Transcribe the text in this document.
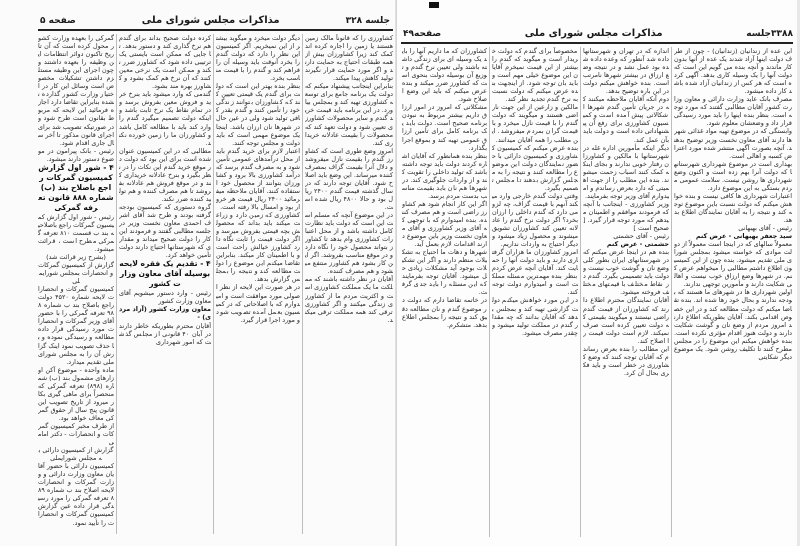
جلسه ۳۲۸
مذاکرات مجلس شورای ملی
صفحه ۵

گمرکی را بعهده وزارت کشور محول کرده است که آن تاریخ تاکنون دوائر انتظامات این وظیفه را بعهده داشتند و چون اجرای این وظیفه مستلزم داشتن تشکیلات مخصوص است وسائل این کار در اختیار وزارت کشور گذارده نشده بنابراین تقاضا دارد اجازه فرمائید این لایحه که مربوط بقانون است طرح شود و در صورتیکه تصویب شد برای اجرای قانون مذکور تا آخر سال جاری اقدام شود.

رئیس - بانک پیرامون در موضوع دستور دارند میشود.

۴ - شور اول گزارش کمیسیون گمرکات راجع باصلاح بند (ب) شماره ۸۸۸ قانون تعرفه گمرکی

رئیس - شور اول گزارش کمیسیون گمرکات راجع باصلاحیه بند ب قسمت ۸۱۰ تعرفه گمرکی مطرح است ، قرائت میشود.

(بشرح زیر قرائت شد)

گزارش از کمیسیون گمرکات و انحصارات بمجلس شورایملی

کمیسیون گمرکات و انحصارات لایحه شماره ۴۵۲۰ دولت راجع باصلاح بند ب شماره ۸۹۸ تعرفه گمرکی را با حضور آقای وزیر گمرکات و انحصارات مورد رسیدگی قرار داده مطالعه و رسیدگی نموده و با حذف تصویب نمود اینک گزارش آن را به مجلس شورای ملی تقدیم میدارد.

ماده واحده - موضوع آکن اوزارهای مشمول بند (ب) شماره (۸۹۸) تعرفه گمرکی که منحصراً برای ماهی گیری بکار میرود از تاریخ تصویب این قانون پنج سال از حقوق گمرکی معاف خواهد بود.

از طرف مخبر کمیسیون گمرکات و انحصارات - دکتر امامی

گزارش از کمیسیون دارائی به مجلس شورایملی

کمیسیون دارائی با حضور آقایان معاون وزارت دارائی و وزارت گمرکات و انحصارات لایحه اصلاح بند ب شماره ۸۹۸ تعرفه گمرکی را مورد رسیدگی قرار داده عین گزارش کمیسیون گمرکات و انحصارات را تأیید نمود.

کرده دولت صحیح بداند برای گندم هم نرخ گذاری کند و دستور بدهد. تا جایی که ممکن است بایستی یک ترتیبی داده شود که کشاورز ضرر نکند و ممکن است یک نرخی معین کنند که آن نرخ هم کمک بشود و کشاورز بهره مند بشود.

گندمی که وارد میشود باید بنرخ خرید و فروش معین بفروش برسد و در تمام نقاط یک نرخ ثابت باشد و اینکه دولت تصمیم میگیرد گندم را وارد کند باید با مطالعه کامل باشد و کشاورزان ما را زمین خورده نکند.

مطالبی که در این کمیسیون عنوان شده است برای این بود که دولت در موقع خرید گندم این نکات را در نظر بگیرد و بنرخ عادلانه خریداری کند و در موقع فروش هم عادلانه بفروشد تا هم مصرف کننده و هم تولید کننده ضرر نکند.

گروه دستوری که کمیسیون بودجه گرفته بودند و طرح شد آقای اشرف احمدی معاون نخست وزیر در جلسه مطالبی گفتند و فرمودند این کار را دولت صحیح میداند و مقداری که شهرستانها احتیاج دارند دولت تأمین خواهد کرد.

۴ - تقدیم یک فقره لایحه بوسیله آقای معاون وزارت کشور

رئیس - وارد دستور میشویم آقای معاون وزارت کشور

معاون وزارت کشور (آزاد مردی) -

آقایان محترم بطوریکه خاطر دارند در آبان ۴۰ قانونی از مجلس گذشت که امور شهرداری

دیگر دولت میخرد و میگوید بیشتر از این نمیخریم. اگر کمیسیون این نظر را دارد که دولت گندم را بخرد آنوقت باید وسیله آن را فراهم کند و گندم را با قیمت مناسب بخرد.

بنظر بنده بهتر این است که دولت برای گندم یک قیمتی تعیین کند که کشاورزان بتوانند زندگی خود را تأمین کنند و گندم بقدر کافی تولید شود ولی در عین حال در شهرها نان ارزان باشد. اینجا یک موضوع مهمی است که باید دولت و مجلس توجه کنند.

اعتبار لازم برای خرید گندم باید از محل درآمدهای عمومی تأمین شود و به مصرف گندم برسد که درآمد کشاورزی بالا برود و کشاورزان بتوانند از محصول خود استفاده کنند. آقایان ملاحظه میفرمائید ۲۴۰۰ ریال قیمت هر خروار بود و امسال بالا رفته است.

کشاورزی که زمین دارد و زراعت میکند باید بداند که محصولش بچه قیمتی بفروش میرسد و اگر دولت قیمت را ثابت نگاه دارد کشاورز خیالش راحت است و با اطمینان کار میکند. بنابراین تقاضا میکنم این موضوع را دولت مطالعه کند و نتیجه را بمجلس گزارش بدهد.

در هر صورت این لایحه از نظر اصولی مورد موافقت است و امیدوارم که با اصلاحاتی که در کمیسیون بعمل آمده تصویب شود و مورد اجرا قرار گیرد.

کشاورزی را که قانوناً مالک زمین هستند یا زمین را اجاره کرده اند کمک کند زیرا کشاورزان بیش از همه طبقات احتیاج به حمایت دارند و اگر مورد حمایت قرار نگیرند تولید کاهش پیدا میکند.

بنابراین اینجانب پیشنهاد میکنم که دولت یک برنامه جامع برای توسعه کشاورزی تهیه کند و بمجلس بیاورد. در این برنامه باید قیمت خرید گندم و سایر محصولات کشاورزی تعیین شود و دولت تعهد کند که محصولات را بقیمت عادلانه خریداری کند.

امروز وضع طوری است که کشاورز گندم را بقیمت نازل میفروشد و دلال آنرا بقیمت گزاف بمصرف کننده میرساند. این وضع باید اصلاح شود. آقایان توجه دارند که در سال گذشته قیمت گندم ۲۴۰۰ ریال بود و حالا ۴۸۰۰ ریال شده است.

در این موضوع آنچه که مسلم است این است که دولت باید نظارت کامل داشته باشد و از محل اعتبارات کشاورزی وام بدهد تا کشاورز بتواند محصول خود را نگاه دارد و در موقع مناسب بفروشد. اگر این کار بشود هم کشاورز منتفع میشود و هم مصرف کننده.

آقایان در نظر داشته باشند که مملکت ما یک مملکت کشاورزی است و اکثریت مردم ما از کشاورزی زندگی میکنند و اگر کشاورزی ترقی کند همه مملکت ترقی میکند.

۳۳۸۸جلسه
مذاکرات مجلس شورای ملی
صفحه۴۹

کشاورزان که ما داریم آنها را باید یک وسیله ای برای زندگی داشته باشند ولی تعیین نرخ گندم و توزیع آن بوسیله دولت بنحوی است که کشاورز ضرر میکند و بنده عرض میکنم که باید این وضع اصلاح شود.

مشکلاتی که امروز در امور ارزاق داریم بیشتر مربوط به نبودن برنامه صحیح است. دولت باید یک برنامه کامل برای تأمین ارزاق عمومی تهیه کند و بموقع اجرا بگذارد.

بنظر بنده همانطور که آقایان اشاره کردند دولت باید توجه داشته باشد که تولید داخلی را تقویت کند و از واردات جلوگیری کند. در شهرها هم نان باید بقیمت مناسب بدست مردم برسد.

اگر این کار انجام شود هم کشاورز راضی است و هم مصرف کننده. بنده امیدوارم که با توجهی که آقای وزیر کشاورزی و آقای معاون نخست وزیر باین موضوع دارند اقدامات لازم بعمل آید.

شهرها و دهات ما احتیاج به تشکیلات منظم دارند و اگر این تشکیلات بوجود آید مشکلات زیادی حل میشود. آقایان توجه بفرمایند که این مسئله را باید جدی گرفت.

در خاتمه تقاضا دارم که دولت در موضوع گندم و نان مطالعه دقیق کند و نتیجه را بمجلس اطلاع بدهد. متشکرم.

مخصوصاً برای گندم که دولت خریدار است و میگوید که گندم را بیشتر از این قیمت نمیخرم آقایان این موضوع خیلی مهم است و باید بان توجه شود. از اینجهت بنده عرض میکنم که دولت نسبت به نرخ گندم تجدید نظر کند.

مالکین و زارعین از این جهت ناراضی هستند و میگویند که دولت گندم را با قیمت نازل میخرد و با قیمت گران بمردم میفروشد. این مطلب را همه آقایان میدانند.

بنده عرض میکنم که کمیسیون کشاورزی و کمیسیون دارائی با حضور نمایندگان دولت این موضوع را مطالعه کنند و نتیجه را به مجلس گزارش بدهند تا مجلس تصمیم بگیرد.

وقتی دولت گندم خارجی وارد میکند آنهم با قیمت گزاف، چه لزومی دارد که گندم داخلی را ارزان بخرد؟ اگر دولت نرخ گندم را عادلانه تعیین کند کشاورزان تشویق میشوند و محصول زیاد میشود و دیگر احتیاج به واردات نداریم.

امروز کشاورزان ما هزاران گرفتاری دارند و باید دولت آنها را حمایت کند. آقایان آنچه عرض کردم بنظر بنده مهمترین مسئله مملکت است و امیدوارم دولت توجه کند.

در این مورد خواهش میکنم دولت گزارشی تهیه کند و بمجلس بدهد که آقایان بدانند که چه مقدار گندم در مملکت تولید میشود و چقدر مصرف میشود.

اندازه که در تهران و شهرستانها داده شد آنطور که وعده داده شده بود عمل نشد و در نتیجه وضع ارزاق در بیشتر شهرها نامرتب است. بنده خواهش میکنم دولت در این باره توضیح بدهد.

دوم آنکه آقایان ملاحظه میکنند که در جریان تأمین گندم شهرها اشکالاتی پیش آمده است و کمیسیون کشاورزی برای رفع آن پیشنهاداتی داده است و دولت باید بآن عمل کند.

دیگر اینکه مأمورین اداره غله در شهرستانها با مالکین و کشاورزان رفتار خوبی ندارند و بجای اینکه کمک کنند اسباب زحمت میشوند. بنده این مطلب را از جهت اهمیتی که دارد بعرض رساندم و امیدوارم آقای وزیر توجه بفرمایند.

وزیر کشاورزی - اینجانب با آنچه که فرمودند موافقم و اطمینان میدهم که مورد توجه قرار گیرد. [ صحیح است ]

رئیس - آقای حشمتی

حشمتی - عرض کنم

بنده هم در اینجا عرض میکنم که در شهرستانهای ایران بطور کلی وضع نان و گوشت خوب نیست و دولت باید تصمیمی بگیرد. گندم در نقاط مختلف با قیمتهای مختلف فروخته میشود.

آقایان نمایندگان محترم اطلاع دارند که کشاورزان از قیمت گندم راضی نیستند و میگویند بقیمتی که دولت تعیین کرده است صرف نمیکند. لازم است دولت قیمت را اصلاح کند.

این مطالب را بنده بعرض رساندم که آقایان توجه کنند که وضع کشاورزی در خطر است و باید فکری بحال آن کرد.

این عده از زندانیان (زندانیان) - چون از طرف دولت اینها آزاد شدند یک عده از آنها بدون کار ماندند و آنچه بنده می گویم این است که دولت آنها را یک وسیله کاری بدهد. آگهی کرده است که هر کس از زندانیان آزاد شده باشد کار داده میشود.

مصرف بانک عاید وزارت دارائی و معاون وزارت کشور آقایان مطالبی گفتند که مورد توجه است. بنظر بنده اینها را باید مورد رسیدگی قرار داد و وضعشان معلوم شود.

وابستگی که در موضوع تهیه مواد غذائی شهرها دارند آقای معاون نخست وزیر توضیح بدهند. آنچه بصورت آگهی منتشر شده مورد اعتراض کسبه و اهالی است.

بهداری است در موضوع شهرداری شهرستانها که دولت آنرا بهم زده است و اکنون وضع شهرداری ها روشن نیست. سلامت عمومی مردم بستگی به این موضوع دارد.

اعتبارات شهرداری ها کافی نیست و بنده خواهش میکنم که دولت نسبت باین موضوع توجه کند و نتیجه را به آقایان نمایندگان اطلاع بدهد.

رئیس - آقای بهبهانی

سید جعفر بهبهانی - عرض کنم

معمولاً سالهای که در اینجا است معمولاً از دولت موادی که خواسته میشود بمجلس شورای ملی تقدیم میشود. بنده چون از این کمیسیون اطلاع داشتم مطالبی را میخواهم عرض کنم. در شهرها وضع ارزاق خوب نیست و اهالی شکایت دارند و مأمورین توجهی ندارند.

اولین شهرداری ها در شهرهای ما هستند که بودجه ندارند و بحال خود رها شده اند. بنده تقاضا میکنم که دولت مطالعه کند و در این خصوص اقدامی بکند. آقایان بطوریکه اطلاع دارند امروز مردم از وضع نان و گوشت شکایت دارند و دولت هنوز اقدام مؤثری نکرده است. بنده خواهش میکنم این موضوع را در مجلس مطرح کنند تا تکلیف روشن شود. یک موضوع دیگر شکایتی
